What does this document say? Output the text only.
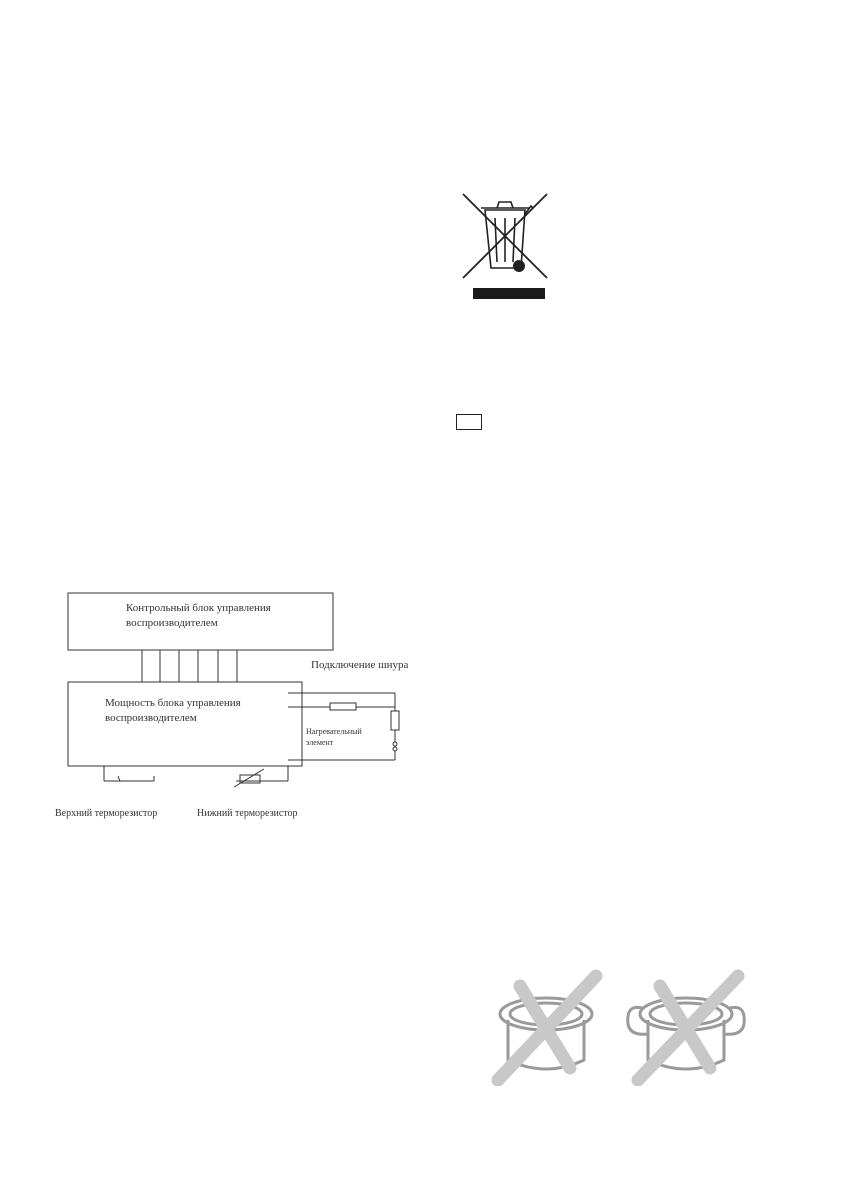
Контрольный блок управления
воспроизводителем
Подключение шнура
Мощность блока управления
воспроизводителем
Нагревательный
элемент
Верхний терморезистор	Нижний терморезистор
